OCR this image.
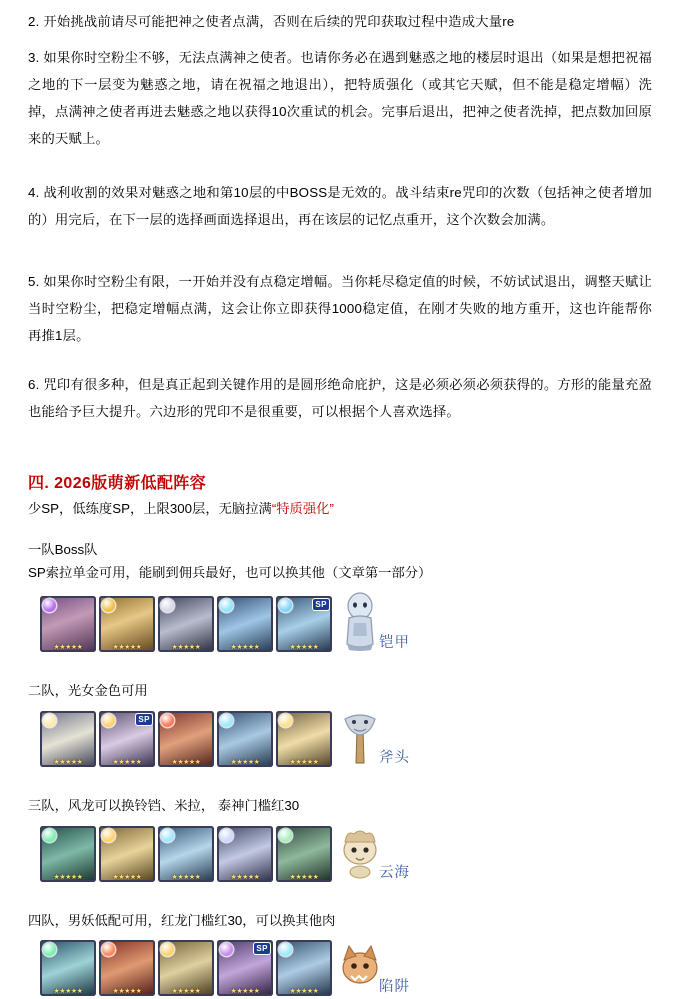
2. 开始挑战前请尽可能把神之使者点满，否则在后续的咒印获取过程中造成大量re
3. 如果你时空粉尘不够，无法点满神之使者。也请你务必在遇到魅惑之地的楼层时退出（如果是想把祝福之地的下一层变为魅惑之地，请在祝福之地退出），把特质强化（或其它天赋，但不能是稳定增幅）洗掉，点满神之使者再进去魅惑之地以获得10次重试的机会。完事后退出，把神之使者洗掉，把点数加回原来的天赋上。
4. 战利收割的效果对魅惑之地和第10层的中BOSS是无效的。战斗结束re咒印的次数（包括神之使者增加的）用完后，在下一层的选择画面选择退出，再在该层的记忆点重开，这个次数会加满。
5. 如果你时空粉尘有限，一开始并没有点稳定增幅。当你耗尽稳定值的时候，不妨试试退出，调整天赋让当时空粉尘，把稳定增幅点满，这会让你立即获得1000稳定值，在刚才失败的地方重开，这也许能帮你再推1层。
6. 咒印有很多种，但是真正起到关键作用的是圆形绝命庇护，这是必须必须必须获得的。方形的能量充盈也能给予巨大提升。六边形的咒印不是很重要，可以根据个人喜欢选择。
四. 2026版萌新低配阵容
少SP，低练度SP，上限300层，无脑拉满“特质强化”
一队Boss队
SP索拉单金可用，能刷到佣兵最好，也可以换其他（文章第一部分）
★★★★★	★★★★★	★★★★★	★★★★★
SP
★★★★★	铠甲
二队，光女金色可用
★★★★★
SP
★★★★★	★★★★★	★★★★★	★★★★★	斧头
三队，风龙可以换铃铛、米拉， 泰神门槛红30
★★★★★	★★★★★	★★★★★	★★★★★	★★★★★	云海
四队，男妖低配可用，红龙门槛红30，可以换其他肉
★★★★★	★★★★★	★★★★★
SP
★★★★★	★★★★★	陷阱
